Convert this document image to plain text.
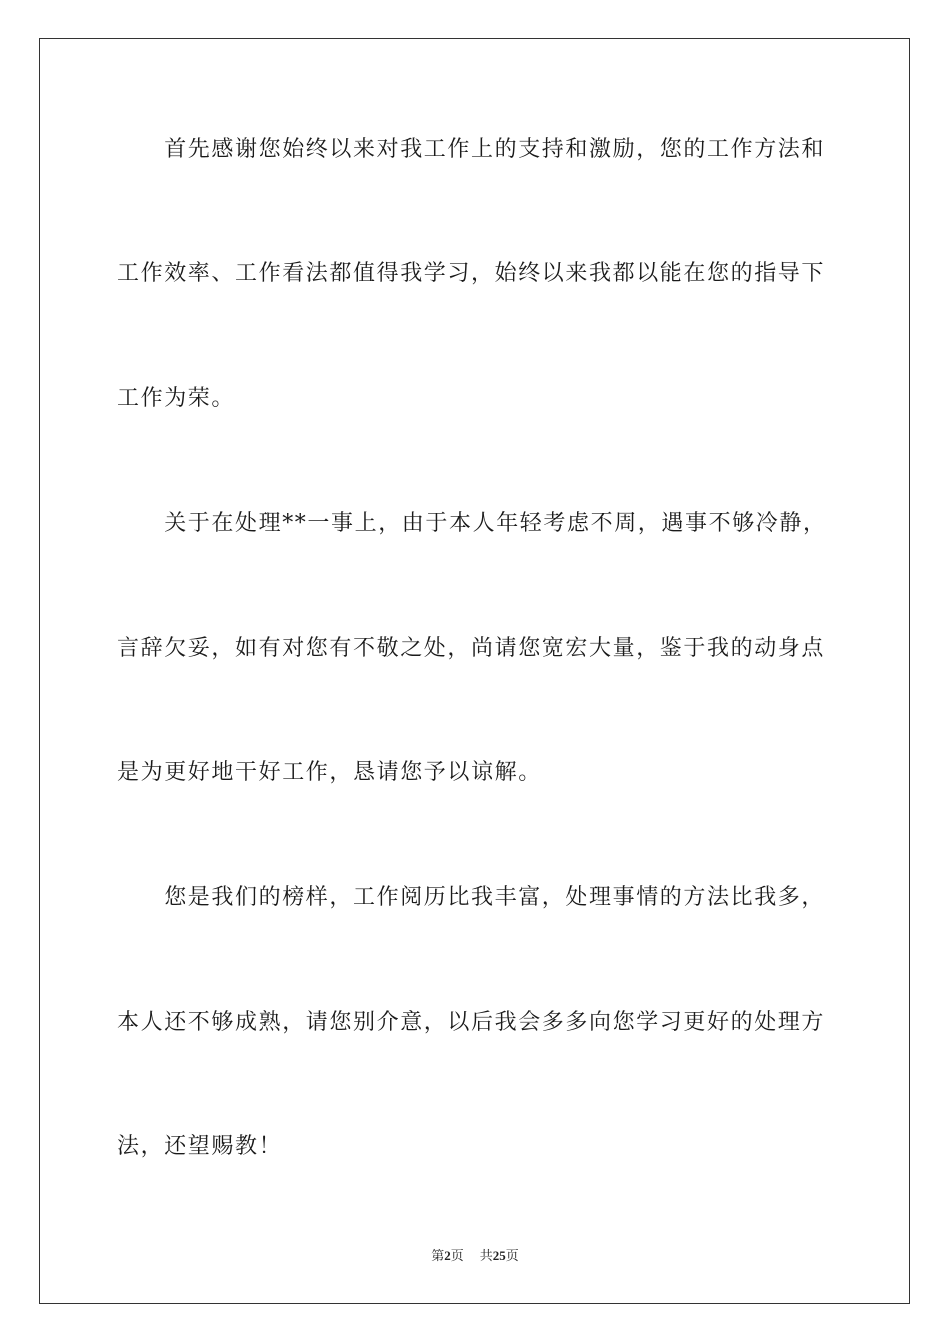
　　首先感谢您始终以来对我工作上的支持和激励，您的工作方法和
工作效率、工作看法都值得我学习，始终以来我都以能在您的指导下
工作为荣。
　　关于在处理**一事上，由于本人年轻考虑不周，遇事不够冷静，
言辞欠妥，如有对您有不敬之处，尚请您宽宏大量，鉴于我的动身点
是为更好地干好工作，恳请您予以谅解。
　　您是我们的榜样，工作阅历比我丰富，处理事情的方法比我多，
本人还不够成熟，请您别介意，以后我会多多向您学习更好的处理方
法，还望赐教！
第2页 共25页
